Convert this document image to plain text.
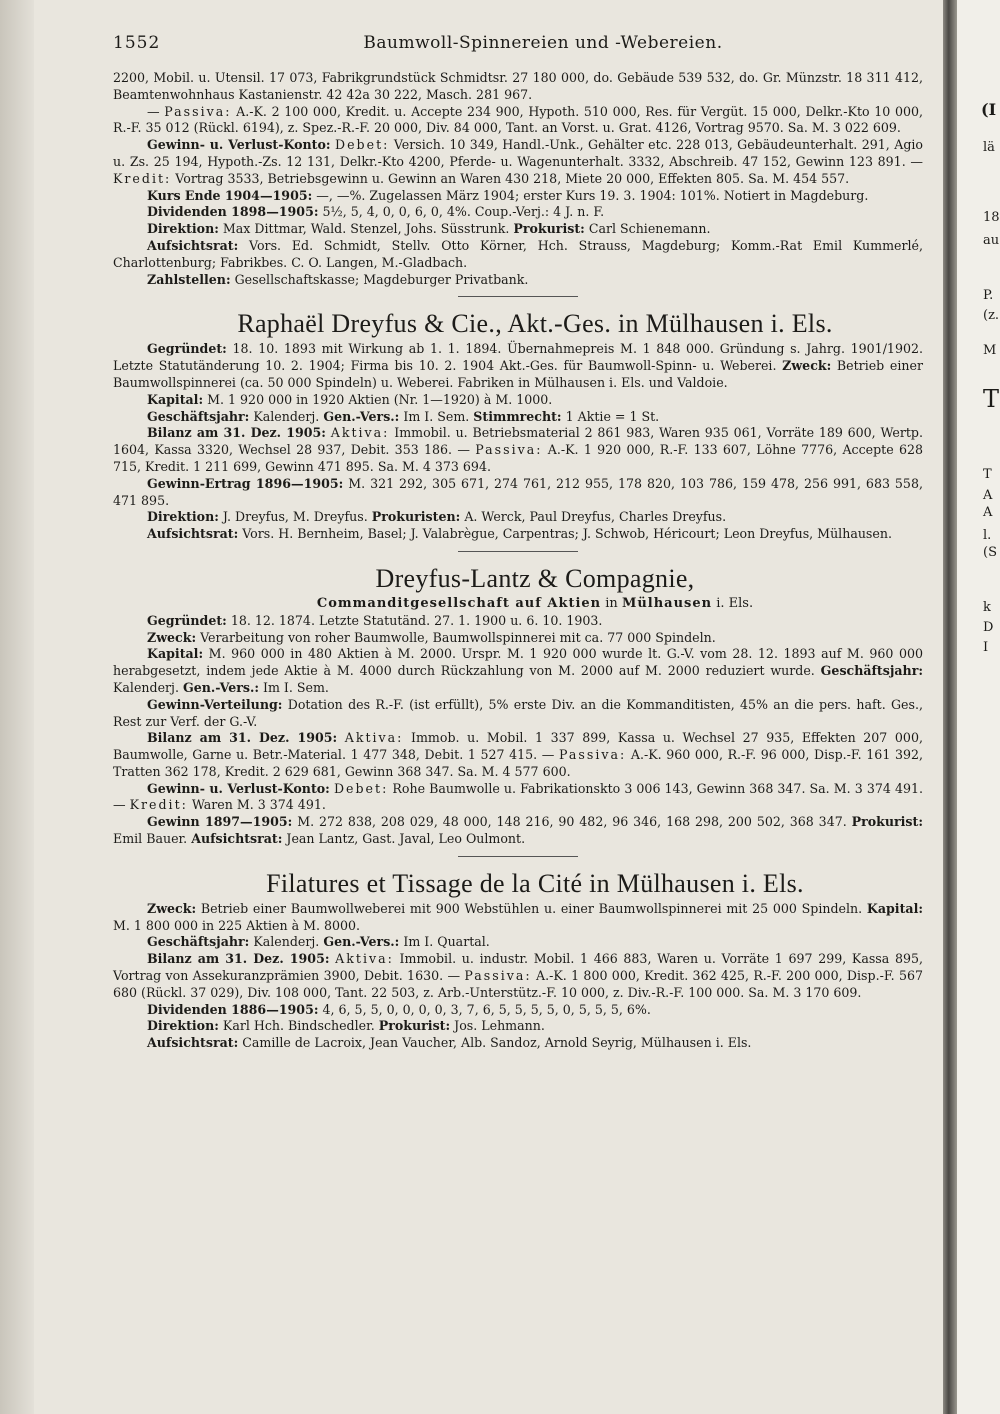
(I
lä
18
au
P.
(z.
M
T
T
A
A
l.
(S
k
D
I
1552	Baumwoll-Spinnereien und -Webereien.

2200, Mobil. u. Utensil. 17 073, Fabrikgrundstück Schmidtsr. 27 180 000, do. Gebäude 539 532, do. Gr. Münzstr. 18 311 412, Beamtenwohnhaus Kastanienstr. 42 42a 30 222, Masch. 281 967.

— Passiva: A.-K. 2 100 000, Kredit. u. Accepte 234 900, Hypoth. 510 000, Res. für Vergüt. 15 000, Delkr.-Kto 10 000, R.-F. 35 012 (Rückl. 6194), z. Spez.-R.-F. 20 000, Div. 84 000, Tant. an Vorst. u. Grat. 4126, Vortrag 9570. Sa. M. 3 022 609.

Gewinn- u. Verlust-Konto: Debet: Versich. 10 349, Handl.-Unk., Gehälter etc. 228 013, Gebäudeunterhalt. 291, Agio u. Zs. 25 194, Hypoth.-Zs. 12 131, Delkr.-Kto 4200, Pferde- u. Wagenunterhalt. 3332, Abschreib. 47 152, Gewinn 123 891. — Kredit: Vortrag 3533, Betriebsgewinn u. Gewinn an Waren 430 218, Miete 20 000, Effekten 805. Sa. M. 454 557.

Kurs Ende 1904—1905: —, —%. Zugelassen März 1904; erster Kurs 19. 3. 1904: 101%. Notiert in Magdeburg.

Dividenden 1898—1905: 5½, 5, 4, 0, 0, 6, 0, 4%. Coup.-Verj.: 4 J. n. F.

Direktion: Max Dittmar, Wald. Stenzel, Johs. Süsstrunk. Prokurist: Carl Schienemann.

Aufsichtsrat: Vors. Ed. Schmidt, Stellv. Otto Körner, Hch. Strauss, Magdeburg; Komm.-Rat Emil Kummerlé, Charlottenburg; Fabrikbes. C. O. Langen, M.-Gladbach.

Zahlstellen: Gesellschaftskasse; Magdeburger Privatbank.

Raphaël Dreyfus & Cie., Akt.-Ges. in Mülhausen i. Els.

Gegründet: 18. 10. 1893 mit Wirkung ab 1. 1. 1894. Übernahmepreis M. 1 848 000. Gründung s. Jahrg. 1901/1902. Letzte Statutänderung 10. 2. 1904; Firma bis 10. 2. 1904 Akt.-Ges. für Baumwoll-Spinn- u. Weberei. Zweck: Betrieb einer Baumwollspinnerei (ca. 50 000 Spindeln) u. Weberei. Fabriken in Mülhausen i. Els. und Valdoie.

Kapital: M. 1 920 000 in 1920 Aktien (Nr. 1—1920) à M. 1000.

Geschäftsjahr: Kalenderj. Gen.-Vers.: Im I. Sem. Stimmrecht: 1 Aktie = 1 St.

Bilanz am 31. Dez. 1905: Aktiva: Immobil. u. Betriebsmaterial 2 861 983, Waren 935 061, Vorräte 189 600, Wertp. 1604, Kassa 3320, Wechsel 28 937, Debit. 353 186. — Passiva: A.-K. 1 920 000, R.-F. 133 607, Löhne 7776, Accepte 628 715, Kredit. 1 211 699, Gewinn 471 895. Sa. M. 4 373 694.

Gewinn-Ertrag 1896—1905: M. 321 292, 305 671, 274 761, 212 955, 178 820, 103 786, 159 478, 256 991, 683 558, 471 895.

Direktion: J. Dreyfus, M. Dreyfus. Prokuristen: A. Werck, Paul Dreyfus, Charles Dreyfus.

Aufsichtsrat: Vors. H. Bernheim, Basel; J. Valabrègue, Carpentras; J. Schwob, Héricourt; Leon Dreyfus, Mülhausen.

Dreyfus-Lantz & Compagnie,

Commanditgesellschaft auf Aktien in Mülhausen i. Els.

Gegründet: 18. 12. 1874. Letzte Statutänd. 27. 1. 1900 u. 6. 10. 1903.

Zweck: Verarbeitung von roher Baumwolle, Baumwollspinnerei mit ca. 77 000 Spindeln.

Kapital: M. 960 000 in 480 Aktien à M. 2000. Urspr. M. 1 920 000 wurde lt. G.-V. vom 28. 12. 1893 auf M. 960 000 herabgesetzt, indem jede Aktie à M. 4000 durch Rückzahlung von M. 2000 auf M. 2000 reduziert wurde. Geschäftsjahr: Kalenderj. Gen.-Vers.: Im I. Sem.

Gewinn-Verteilung: Dotation des R.-F. (ist erfüllt), 5% erste Div. an die Kommanditisten, 45% an die pers. haft. Ges., Rest zur Verf. der G.-V.

Bilanz am 31. Dez. 1905: Aktiva: Immob. u. Mobil. 1 337 899, Kassa u. Wechsel 27 935, Effekten 207 000, Baumwolle, Garne u. Betr.-Material. 1 477 348, Debit. 1 527 415. — Passiva: A.-K. 960 000, R.-F. 96 000, Disp.-F. 161 392, Tratten 362 178, Kredit. 2 629 681, Gewinn 368 347. Sa. M. 4 577 600.

Gewinn- u. Verlust-Konto: Debet: Rohe Baumwolle u. Fabrikationskto 3 006 143, Gewinn 368 347. Sa. M. 3 374 491. — Kredit: Waren M. 3 374 491.

Gewinn 1897—1905: M. 272 838, 208 029, 48 000, 148 216, 90 482, 96 346, 168 298, 200 502, 368 347. Prokurist: Emil Bauer. Aufsichtsrat: Jean Lantz, Gast. Javal, Leo Oulmont.

Filatures et Tissage de la Cité in Mülhausen i. Els.

Zweck: Betrieb einer Baumwollweberei mit 900 Webstühlen u. einer Baumwollspinnerei mit 25 000 Spindeln. Kapital: M. 1 800 000 in 225 Aktien à M. 8000.

Geschäftsjahr: Kalenderj. Gen.-Vers.: Im I. Quartal.

Bilanz am 31. Dez. 1905: Aktiva: Immobil. u. industr. Mobil. 1 466 883, Waren u. Vorräte 1 697 299, Kassa 895, Vortrag von Assekuranzprämien 3900, Debit. 1630. — Passiva: A.-K. 1 800 000, Kredit. 362 425, R.-F. 200 000, Disp.-F. 567 680 (Rückl. 37 029), Div. 108 000, Tant. 22 503, z. Arb.-Unterstütz.-F. 10 000, z. Div.-R.-F. 100 000. Sa. M. 3 170 609.

Dividenden 1886—1905: 4, 6, 5, 5, 0, 0, 0, 0, 3, 7, 6, 5, 5, 5, 5, 0, 5, 5, 5, 6%.

Direktion: Karl Hch. Bindschedler. Prokurist: Jos. Lehmann.

Aufsichtsrat: Camille de Lacroix, Jean Vaucher, Alb. Sandoz, Arnold Seyrig, Mülhausen i. Els.
